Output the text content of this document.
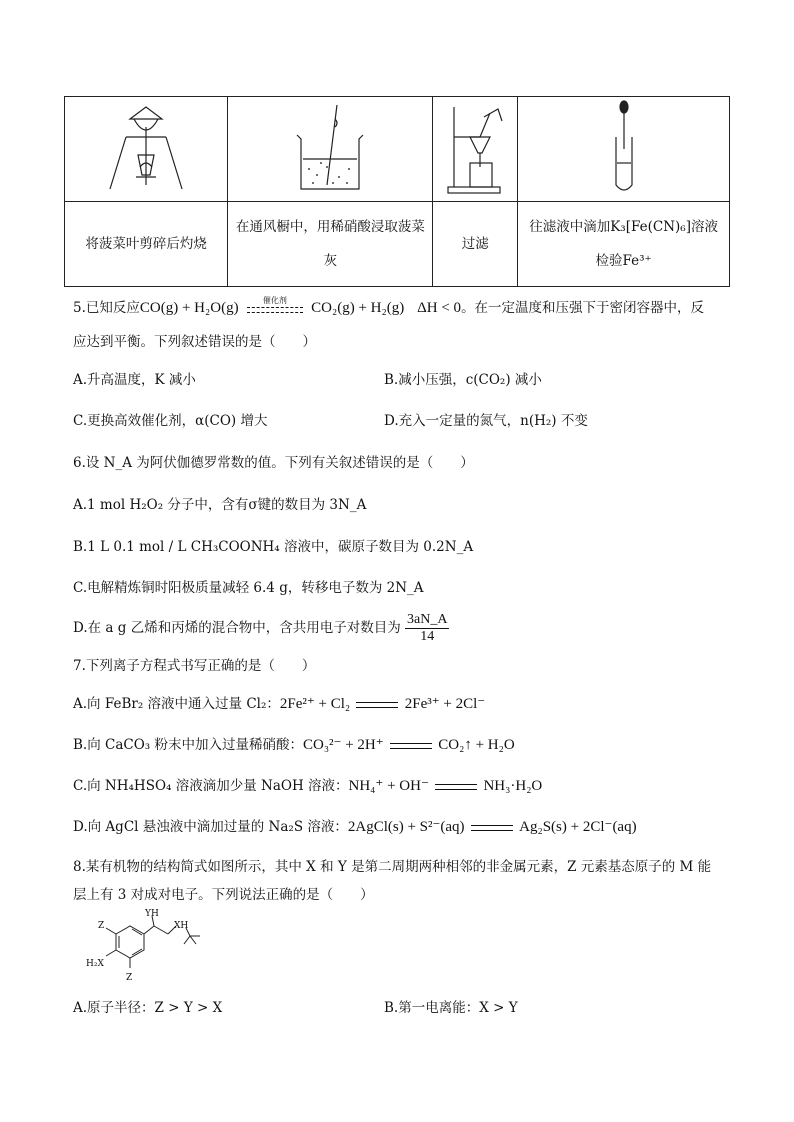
将菠菜叶剪碎后灼烧	在通风橱中，用稀硝酸浸取菠菜灰	过滤	往滤液中滴加K₃[Fe(CN)₆]溶液检验Fe³⁺
5.已知反应CO(g) + H₂O(g)	催化剂	CO₂(g) + H₂(g) ΔH < 0。在一定温度和压强下于密闭容器中，反
应达到平衡。下列叙述错误的是（　　）
A.升高温度，K 减小	B.减小压强，c(CO₂) 减小
C.更换高效催化剂，α(CO) 增大	D.充入一定量的氮气，n(H₂) 不变
6.设 N_A 为阿伏伽德罗常数的值。下列有关叙述错误的是（　　）
A.1 mol H₂O₂ 分子中，含有σ键的数目为 3N_A
B.1 L 0.1 mol / L CH₃COONH₄ 溶液中，碳原子数目为 0.2N_A
C.电解精炼铜时阳极质量减轻 6.4 g，转移电子数为 2N_A
D.在 a g 乙烯和丙烯的混合物中，含共用电子对数目为 $\frac{3aN\_A}{14}$
7.下列离子方程式书写正确的是（　　）
A.向 FeBr₂ 溶液中通入过量 Cl₂：2Fe²⁺ + Cl₂	2Fe³⁺ + 2Cl⁻
B.向 CaCO₃ 粉末中加入过量稀硝酸：CO₃²⁻ + 2H⁺	CO₂↑ + H₂O
C.向 NH₄HSO₄ 溶液滴加少量 NaOH 溶液：NH₄⁺ + OH⁻	NH₃·H₂O
D.向 AgCl 悬浊液中滴加过量的 Na₂S 溶液：2AgCl(s) + S²⁻(aq)	Ag₂S(s) + 2Cl⁻(aq)
8.某有机物的结构简式如图所示，其中 X 和 Y 是第二周期两种相邻的非金属元素，Z 元素基态原子的 M 能
层上有 3 对成对电子。下列说法正确的是（　　）
YH
XH
Z
H₂X
Z
A.原子半径：Z > Y > X	B.第一电离能：X > Y
